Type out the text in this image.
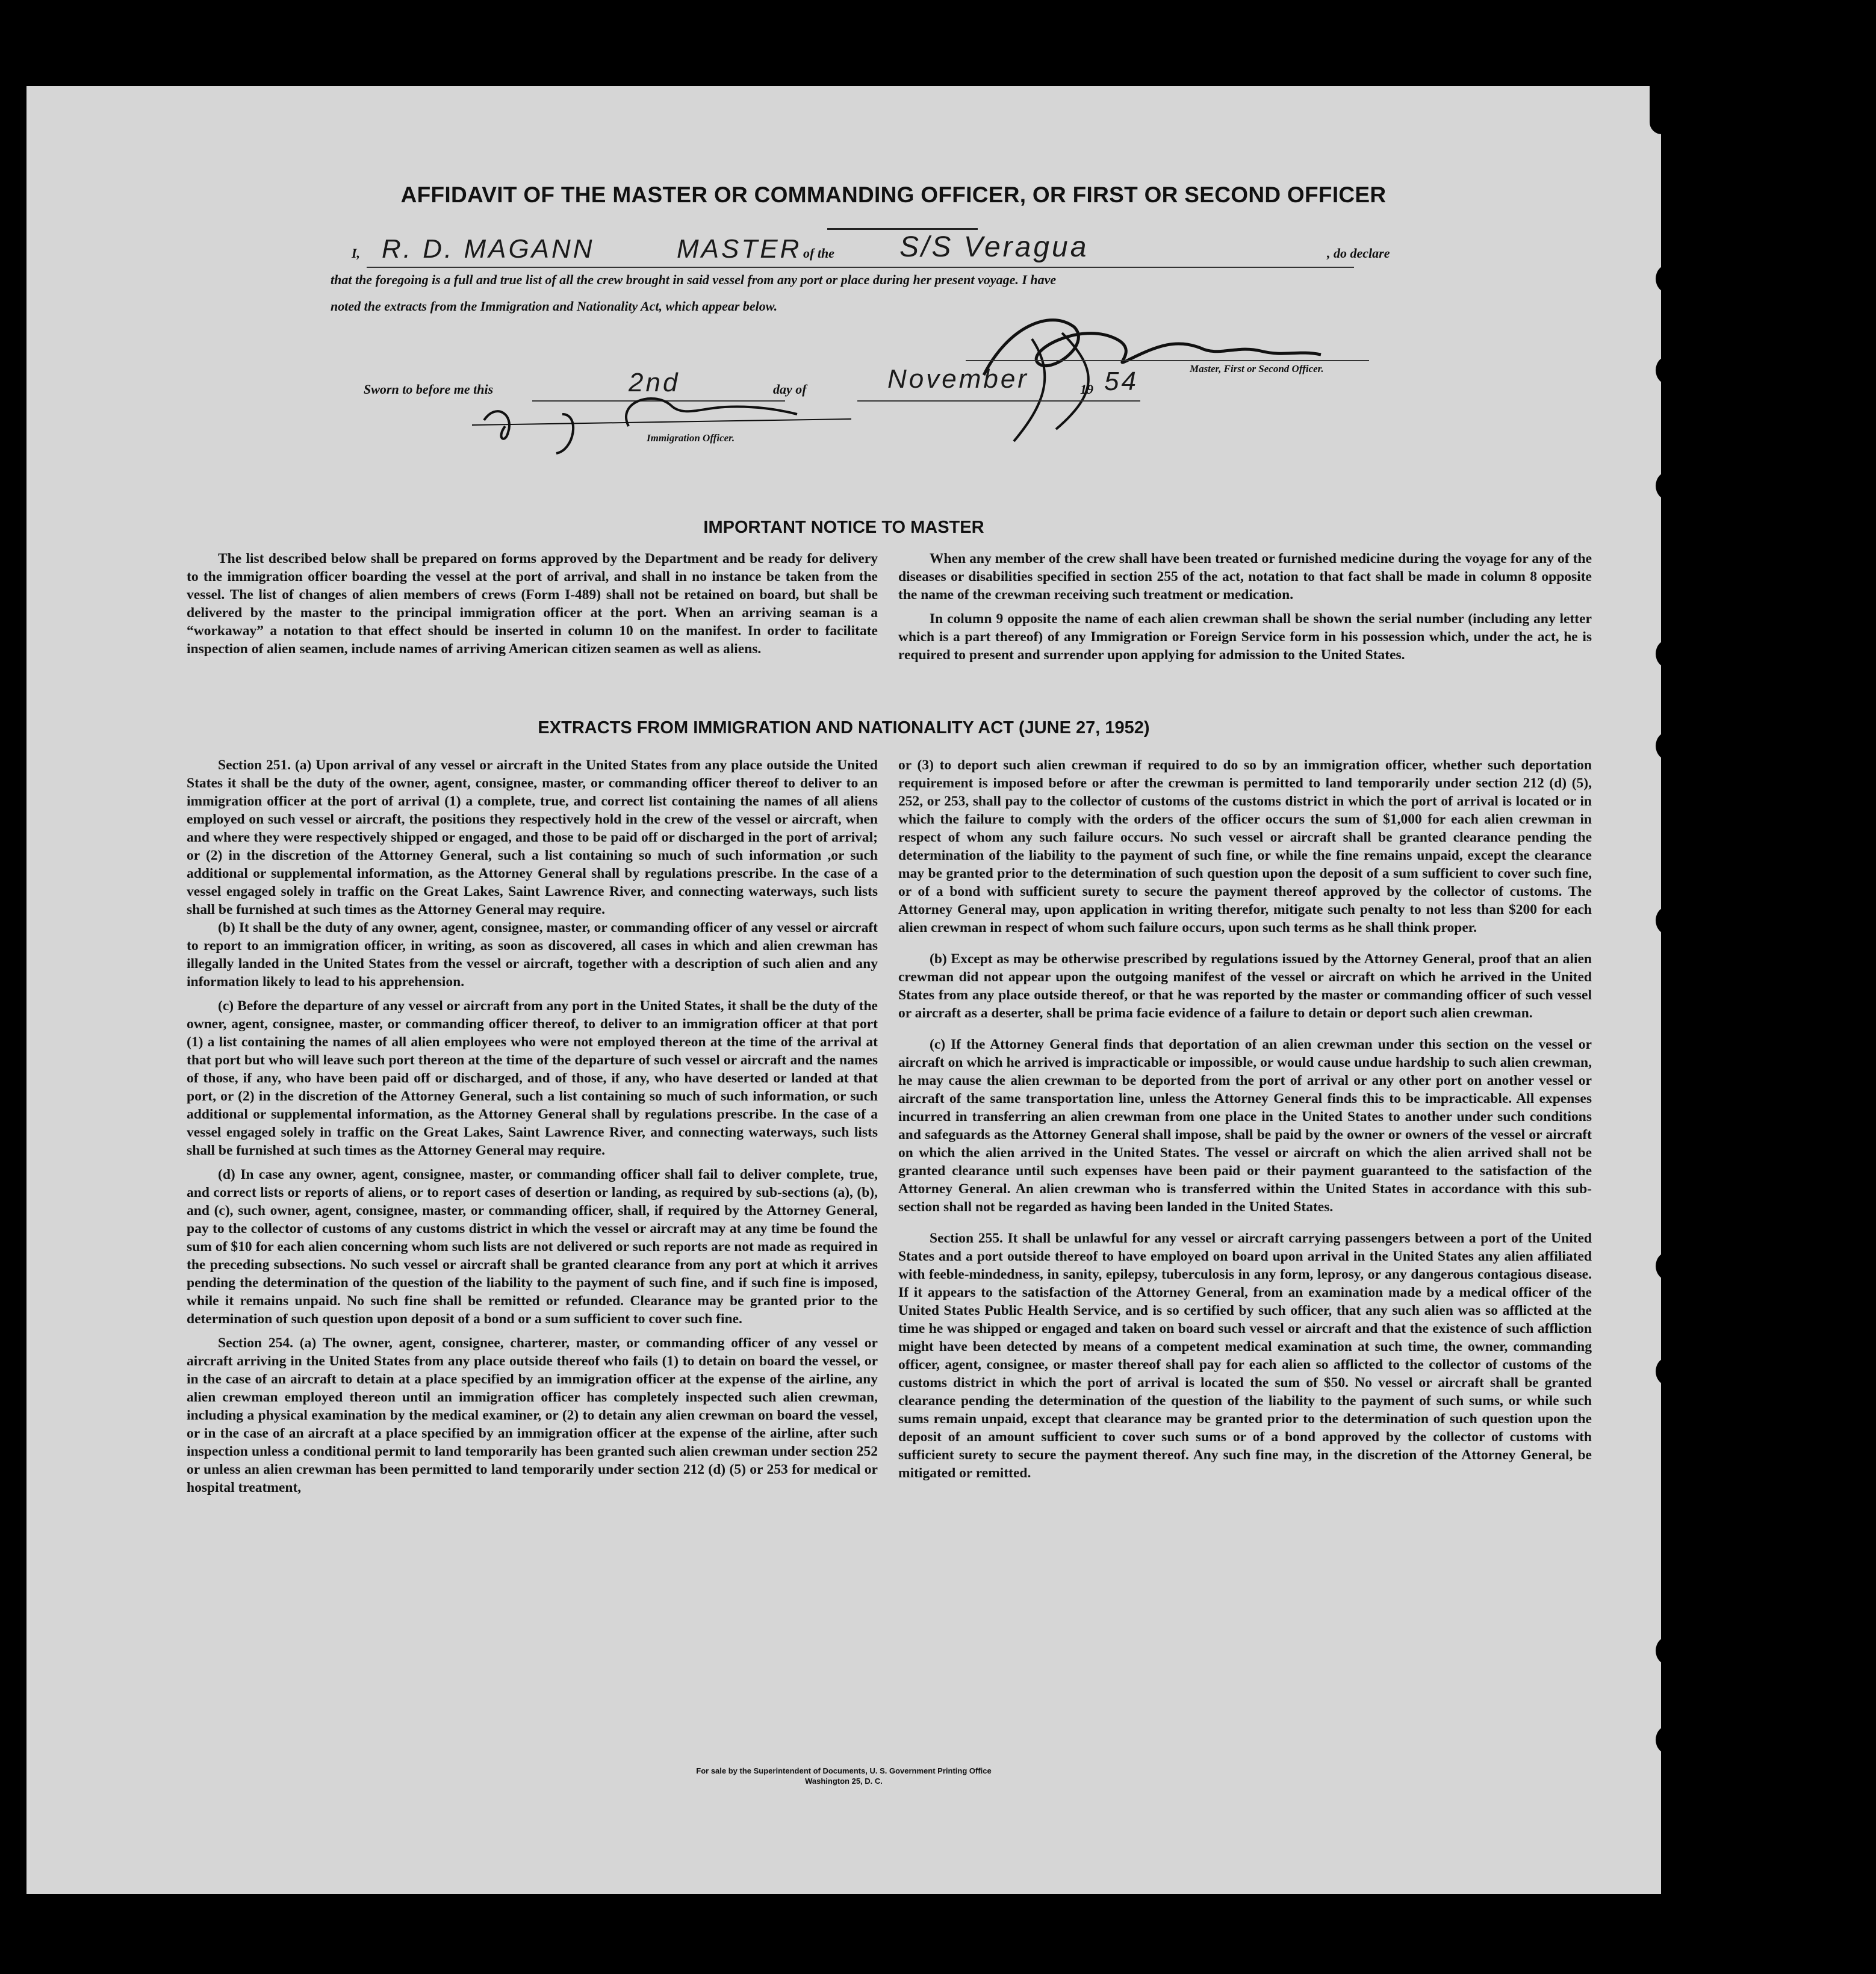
AFFIDAVIT OF THE MASTER OR COMMANDING OFFICER, OR FIRST OR SECOND OFFICER
I, R. D. MAGANN	MASTER of the S/S Veragua	, do declare
that the foregoing is a full and true list of all the crew brought in said vessel from any port or place during her present voyage. I have
noted the extracts from the Immigration and Nationality Act, which appear below.
Master, First or Second Officer.
Sworn to before me this	2nd	day of	November	19 54
Immigration Officer.
IMPORTANT NOTICE TO MASTER

The list described below shall be prepared on forms approved by the Department and be ready for delivery to the immigration officer boarding the vessel at the port of arrival, and shall in no instance be taken from the vessel. The list of changes of alien members of crews (Form I-489) shall not be retained on board, but shall be delivered by the master to the principal immigration officer at the port. When an arriving seaman is a “workaway” a notation to that effect should be inserted in column 10 on the manifest. In order to facilitate inspection of alien seamen, include names of arriving American citizen seamen as well as aliens.

When any member of the crew shall have been treated or furnished medicine during the voyage for any of the diseases or disabilities specified in section 255 of the act, notation to that fact shall be made in column 8 opposite the name of the crewman receiving such treatment or medication.

In column 9 opposite the name of each alien crewman shall be shown the serial number (including any letter which is a part thereof) of any Immigration or Foreign Service form in his possession which, under the act, he is required to present and surrender upon applying for admission to the United States.

EXTRACTS FROM IMMIGRATION AND NATIONALITY ACT (JUNE 27, 1952)

Section 251. (a) Upon arrival of any vessel or aircraft in the United States from any place outside the United States it shall be the duty of the owner, agent, consignee, master, or commanding officer thereof to deliver to an immigration officer at the port of arrival (1) a complete, true, and correct list containing the names of all aliens employed on such vessel or aircraft, the positions they respectively hold in the crew of the vessel or aircraft, when and where they were respectively shipped or engaged, and those to be paid off or discharged in the port of arrival; or (2) in the discretion of the Attorney General, such a list containing so much of such information ,or such additional or supplemental information, as the Attorney General shall by regulations prescribe. In the case of a vessel engaged solely in traffic on the Great Lakes, Saint Lawrence River, and connecting waterways, such lists shall be furnished at such times as the Attorney General may require.

(b) It shall be the duty of any owner, agent, consignee, master, or commanding officer of any vessel or aircraft to report to an immigration officer, in writing, as soon as discovered, all cases in which and alien crewman has illegally landed in the United States from the vessel or aircraft, together with a description of such alien and any information likely to lead to his apprehension.

(c) Before the departure of any vessel or aircraft from any port in the United States, it shall be the duty of the owner, agent, consignee, master, or commanding officer thereof, to deliver to an immigration officer at that port (1) a list containing the names of all alien employees who were not employed thereon at the time of the arrival at that port but who will leave such port thereon at the time of the departure of such vessel or aircraft and the names of those, if any, who have been paid off or discharged, and of those, if any, who have deserted or landed at that port, or (2) in the discretion of the Attorney General, such a list containing so much of such information, or such additional or supplemental information, as the Attorney General shall by regulations prescribe. In the case of a vessel engaged solely in traffic on the Great Lakes, Saint Lawrence River, and connecting waterways, such lists shall be furnished at such times as the Attorney General may require.

(d) In case any owner, agent, consignee, master, or commanding officer shall fail to deliver complete, true, and correct lists or reports of aliens, or to report cases of desertion or landing, as required by sub-sections (a), (b), and (c), such owner, agent, consignee, master, or commanding officer, shall, if required by the Attorney General, pay to the collector of customs of any customs district in which the vessel or aircraft may at any time be found the sum of $10 for each alien concerning whom such lists are not delivered or such reports are not made as required in the preceding subsections. No such vessel or aircraft shall be granted clearance from any port at which it arrives pending the determination of the question of the liability to the payment of such fine, and if such fine is imposed, while it remains unpaid. No such fine shall be remitted or refunded. Clearance may be granted prior to the determination of such question upon deposit of a bond or a sum sufficient to cover such fine.

Section 254. (a) The owner, agent, consignee, charterer, master, or commanding officer of any vessel or aircraft arriving in the United States from any place outside thereof who fails (1) to detain on board the vessel, or in the case of an aircraft to detain at a place specified by an immigration officer at the expense of the airline, any alien crewman employed thereon until an immigration officer has completely inspected such alien crewman, including a physical examination by the medical examiner, or (2) to detain any alien crewman on board the vessel, or in the case of an aircraft at a place specified by an immigration officer at the expense of the airline, after such inspection unless a conditional permit to land temporarily has been granted such alien crewman under section 252 or unless an alien crewman has been permitted to land temporarily under section 212 (d) (5) or 253 for medical or hospital treatment,

or (3) to deport such alien crewman if required to do so by an immigration officer, whether such deportation requirement is imposed before or after the crewman is permitted to land temporarily under section 212 (d) (5), 252, or 253, shall pay to the collector of customs of the customs district in which the port of arrival is located or in which the failure to comply with the orders of the officer occurs the sum of $1,000 for each alien crewman in respect of whom any such failure occurs. No such vessel or aircraft shall be granted clearance pending the determination of the liability to the payment of such fine, or while the fine remains unpaid, except the clearance may be granted prior to the determination of such question upon the deposit of a sum sufficient to cover such fine, or of a bond with sufficient surety to secure the payment thereof approved by the collector of customs. The Attorney General may, upon application in writing therefor, mitigate such penalty to not less than $200 for each alien crewman in respect of whom such failure occurs, upon such terms as he shall think proper.

(b) Except as may be otherwise prescribed by regulations issued by the Attorney General, proof that an alien crewman did not appear upon the outgoing manifest of the vessel or aircraft on which he arrived in the United States from any place outside thereof, or that he was reported by the master or commanding officer of such vessel or aircraft as a deserter, shall be prima facie evidence of a failure to detain or deport such alien crewman.

(c) If the Attorney General finds that deportation of an alien crewman under this section on the vessel or aircraft on which he arrived is impracticable or impossible, or would cause undue hardship to such alien crewman, he may cause the alien crewman to be deported from the port of arrival or any other port on another vessel or aircraft of the same transportation line, unless the Attorney General finds this to be impracticable. All expenses incurred in transferring an alien crewman from one place in the United States to another under such conditions and safeguards as the Attorney General shall impose, shall be paid by the owner or owners of the vessel or aircraft on which the alien arrived in the United States. The vessel or aircraft on which the alien arrived shall not be granted clearance until such expenses have been paid or their payment guaranteed to the satisfaction of the Attorney General. An alien crewman who is transferred within the United States in accordance with this sub-section shall not be regarded as having been landed in the United States.

Section 255. It shall be unlawful for any vessel or aircraft carrying passengers between a port of the United States and a port outside thereof to have employed on board upon arrival in the United States any alien affiliated with feeble-mindedness, in sanity, epilepsy, tuberculosis in any form, leprosy, or any dangerous contagious disease. If it appears to the satisfaction of the Attorney General, from an examination made by a medical officer of the United States Public Health Service, and is so certified by such officer, that any such alien was so afflicted at the time he was shipped or engaged and taken on board such vessel or aircraft and that the existence of such affliction might have been detected by means of a competent medical examination at such time, the owner, commanding officer, agent, consignee, or master thereof shall pay for each alien so afflicted to the collector of customs of the customs district in which the port of arrival is located the sum of $50. No vessel or aircraft shall be granted clearance pending the determination of the question of the liability to the payment of such sums, or while such sums remain unpaid, except that clearance may be granted prior to the determination of such question upon the deposit of an amount sufficient to cover such sums or of a bond approved by the collector of customs with sufficient surety to secure the payment thereof. Any such fine may, in the discretion of the Attorney General, be mitigated or remitted.

For sale by the Superintendent of Documents, U. S. Government Printing Office
Washington 25, D. C.
